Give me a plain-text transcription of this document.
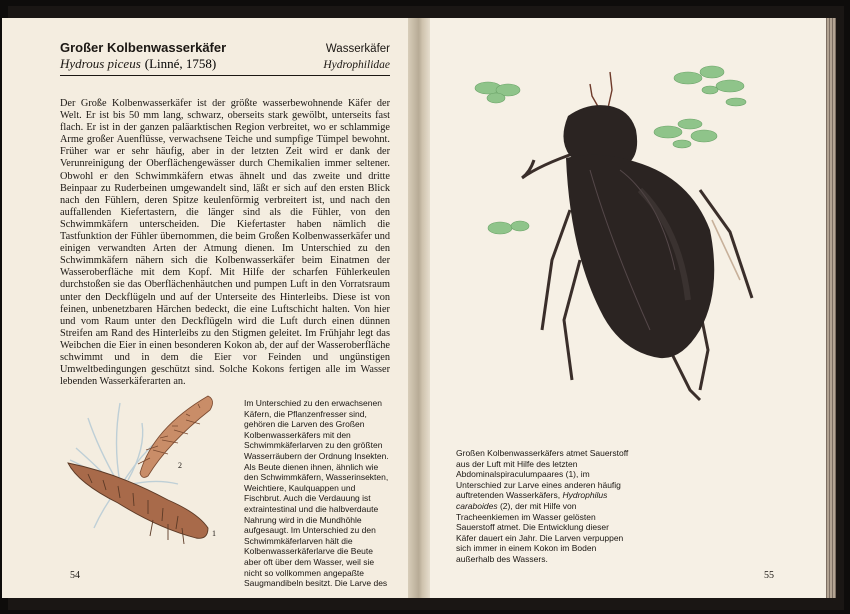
Großer Kolbenwasserkäfer	Wasserkäfer
Hydrous piceus (Linné, 1758)	Hydrophilidae

Der Große Kolbenwasserkäfer ist der größte wasserbewohnende Käfer der Welt. Er ist bis 50 mm lang, schwarz, oberseits stark gewölbt, unterseits fast flach. Er ist in der ganzen paläarktischen Region verbreitet, wo er schlammige Arme großer Auenflüsse, verwachsene Teiche und sumpfige Tümpel bewohnt. Früher war er sehr häufig, aber in der letzten Zeit wird er dank der Verunreinigung der Oberflächengewässer durch Chemikalien immer seltener. Obwohl er den Schwimmkäfern etwas ähnelt und das zweite und dritte Beinpaar zu Ruderbeinen umgewandelt sind, läßt er sich auf den ersten Blick nach den Fühlern, deren Spitze keulenförmig verbreitert ist, und nach den auffallenden Kiefertastern, die länger sind als die Fühler, von den Schwimmkäfern unterscheiden. Die Kiefertaster haben nämlich die Tastfunktion der Fühler übernommen, die beim Großen Kolbenwasserkäfer und einigen verwandten Arten der Atmung dienen. Im Unterschied zu den Schwimmkäfern nähern sich die Kolbenwasserkäfer beim Einatmen der Wasseroberfläche mit dem Kopf. Mit Hilfe der scharfen Fühlerkeulen durchstoßen sie das Oberflächenhäutchen und pumpen Luft in den Vorratsraum unter den Deckflügeln und auf der Unterseite des Hinterleibs. Diese ist von feinen, unbenetzbaren Härchen bedeckt, die eine Luftschicht halten. Von hier und vom Raum unter den Deckflügeln wird die Luft durch einen dünnen Streifen am Rand des Hinterleibs zu den Stigmen geleitet. Im Frühjahr legt das Weibchen die Eier in einen besonderen Kokon ab, der auf der Wasseroberfläche schwimmt und in dem die Eier vor Feinden und ungünstigen Umweltbedingungen geschützt sind. Solche Kokons fertigen alle im Wasser lebenden Wasserkäferarten an.

2
1

Im Unterschied zu den erwachsenen Käfern, die Pflanzenfresser sind, gehören die Larven des Großen Kolbenwasserkäfers mit den Schwimmkäferlarven zu den größten Wasserräubern der Ordnung Insekten. Als Beute dienen ihnen, ähnlich wie den Schwimmkäfern, Wasserinsekten, Weichtiere, Kaulquappen und Fischbrut. Auch die Verdauung ist extraintestinal und die halbverdaute Nahrung wird in die Mundhöhle aufgesaugt. Im Unterschied zu den Schwimmkäferlarven hält die Kolbenwasserkäferlarve die Beute aber oft über dem Wasser, weil sie nicht so vollkommen angepaßte Saugmandibeln besitzt. Die Larve des

54

Großen Kolbenwasserkäfers atmet Sauerstoff aus der Luft mit Hilfe des letzten Abdominalspiraculumpaares (1), im Unterschied zur Larve eines anderen häufig auftretenden Wasserkäfers, Hydrophilus caraboides (2), der mit Hilfe von Tracheenkiemen im Wasser gelösten Sauerstoff atmet. Die Entwicklung dieser Käfer dauert ein Jahr. Die Larven verpuppen sich immer in einem Kokon im Boden außerhalb des Wassers.

55
